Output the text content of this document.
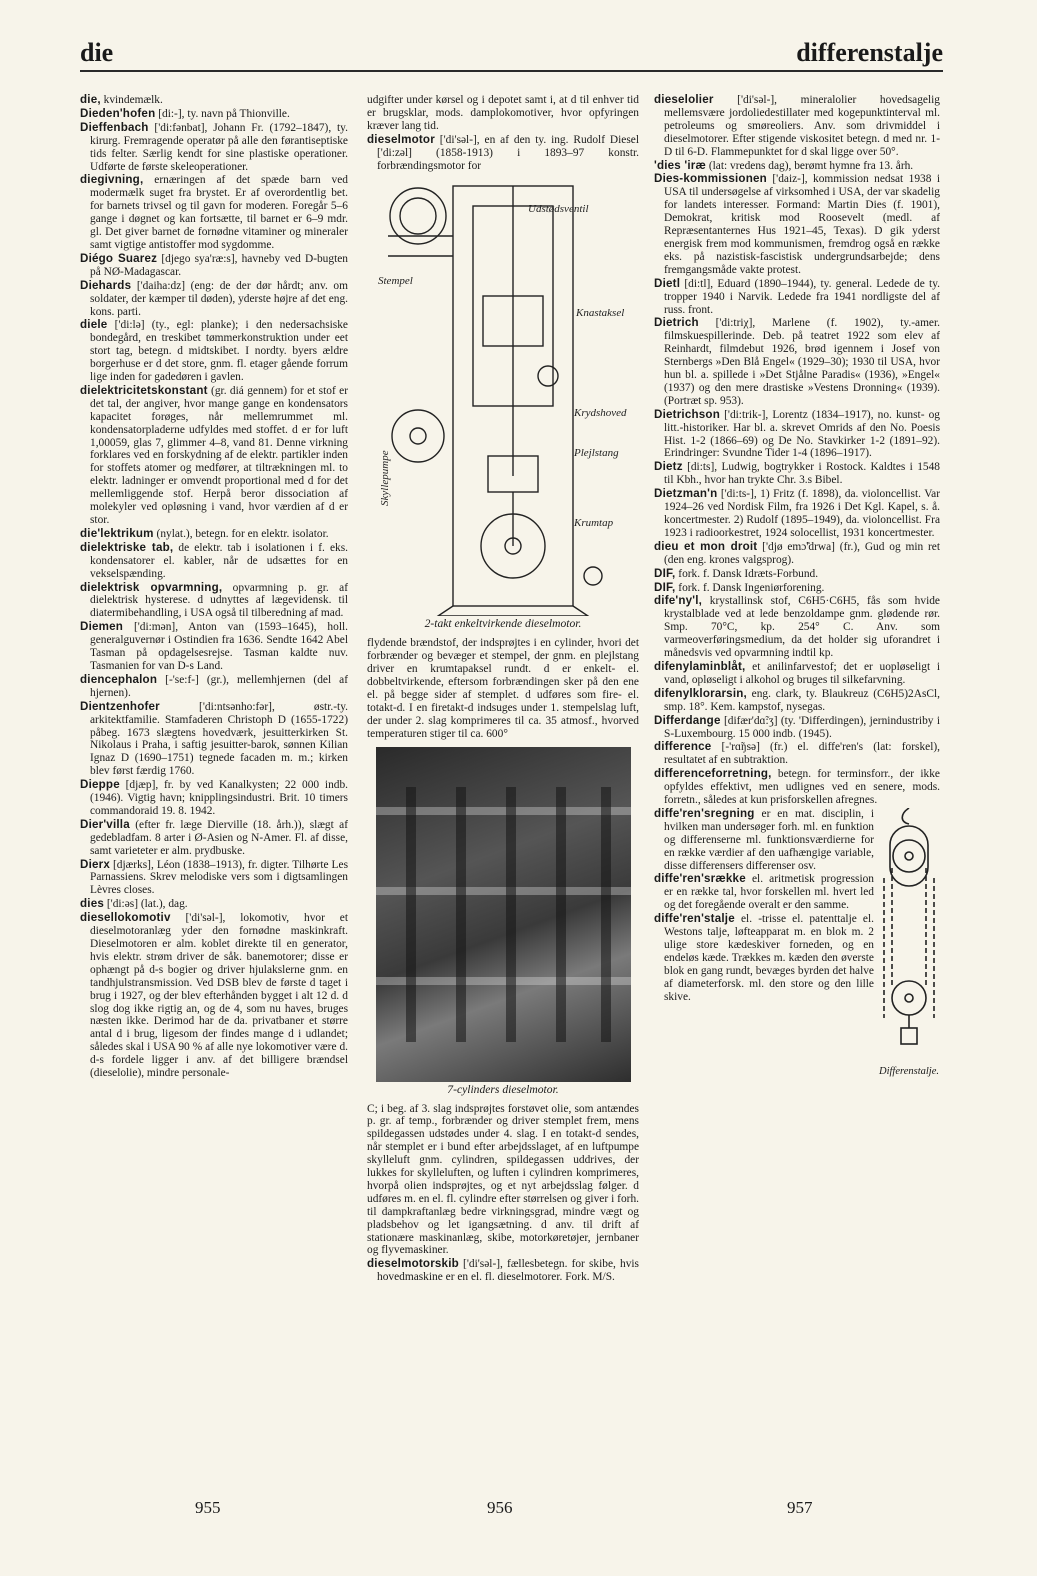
die	differenstalje
die, kvindemælk.
Dieden'hofen [di:-], ty. navn på Thionville.
Dieffenbach ['di:fənbat], Johann Fr. (1792–1847), ty. kirurg. Fremragende operatør på alle den førantiseptiske tids felter. Særlig kendt for sine plastiske operationer. Udførte de første skeleoperationer.
diegivning, ernæringen af det spæde barn ved modermælk suget fra brystet. Er af overordentlig bet. for barnets trivsel og til gavn for moderen. Foregår 5–6 gange i døgnet og kan fortsætte, til barnet er 6–9 mdr. gl. Det giver barnet de fornødne vitaminer og mineraler samt vigtige antistoffer mod sygdomme.
Diégo Suarez [djego sya'ræ:s], havneby ved D-bugten på NØ-Madagascar.
Diehards ['daiha:dz] (eng: de der dør hårdt; anv. om soldater, der kæmper til døden), yderste højre af det eng. kons. parti.
diele ['di:lə] (ty., egl: planke); i den nedersachsiske bondegård, en treskibet tømmerkonstruktion under eet stort tag, betegn. d midtskibet. I nordty. byers ældre borgerhuse er d det store, gnm. fl. etager gående forrum lige inden for gadedøren i gavlen.
dielektricitetskonstant (gr. diá gennem) for et stof er det tal, der angiver, hvor mange gange en kondensators kapacitet forøges, når mellemrummet ml. kondensatorpladerne udfyldes med stoffet. d er for luft 1,00059, glas 7, glimmer 4–8, vand 81. Denne virkning forklares ved en forskydning af de elektr. partikler inden for stoffets atomer og medfører, at tiltrækningen ml. to elektr. ladninger er omvendt proportional med d for det mellemliggende stof. Herpå beror dissociation af molekyler ved opløsning i vand, hvor værdien af d er stor.
die'lektrikum (nylat.), betegn. for en elektr. isolator.
dielektriske tab, de elektr. tab i isolationen i f. eks. kondensatorer el. kabler, når de udsættes for en vekselspænding.
dielektrisk opvarmning, opvarmning p. gr. af dielektrisk hysterese. d udnyttes af lægevidensk. til diatermibehandling, i USA også til tilberedning af mad.
Diemen ['di:mən], Anton van (1593–1645), holl. generalguvernør i Ostindien fra 1636. Sendte 1642 Abel Tasman på opdagelsesrejse. Tasman kaldte nuv. Tasmanien for van D-s Land.
diencephalon [-'se:f-] (gr.), mellemhjernen (del af hjernen).
Dientzenhofer ['di:ntsənho:fər], østr.-ty. arkitektfamilie. Stamfaderen Christoph D (1655-1722) påbeg. 1673 slægtens hovedværk, jesuitterkirken St. Nikolaus i Praha, i saftig jesuitter-barok, sønnen Kilian Ignaz D (1690–1751) tegnede facaden m. m.; kirken blev først færdig 1760.
Dieppe [djæp], fr. by ved Kanalkysten; 22 000 indb. (1946). Vigtig havn; knipplingsindustri. Brit. 10 timers commandoraid 19. 8. 1942.
Dier'villa (efter fr. læge Dierville (18. årh.)), slægt af gedebladfam. 8 arter i Ø-Asien og N-Amer. Fl. af disse, samt varieteter er alm. prydbuske.
Dierx [djærks], Léon (1838–1913), fr. digter. Tilhørte Les Parnassiens. Skrev melodiske vers som i digtsamlingen Lèvres closes.
dies ['di:əs] (lat.), dag.
diesellokomotiv ['di'səl-], lokomotiv, hvor et dieselmotoranlæg yder den fornødne maskinkraft. Dieselmotoren er alm. koblet direkte til en generator, hvis elektr. strøm driver de såk. banemotorer; disse er ophængt på d-s bogier og driver hjulakslerne gnm. en tandhjulstransmission. Ved DSB blev de første d taget i brug i 1927, og der blev efterhånden bygget i alt 12 d. d slog dog ikke rigtig an, og de 4, som nu haves, bruges næsten ikke. Derimod har de da. privatbaner et større antal d i brug, ligesom der findes mange d i udlandet; således skal i USA 90 % af alle nye lokomotiver være d. d-s fordele ligger i anv. af det billigere brændsel (dieselolie), mindre personale-
udgifter under kørsel og i depotet samt i, at d til enhver tid er brugsklar, mods. damplokomotiver, hvor opfyringen kræver lang tid.
dieselmotor ['di'səl-], en af den ty. ing. Rudolf Diesel ['di:zəl] (1858-1913) i 1893–97 konstr. forbrændingsmotor for
Udstødsventil
Stempel
Knastaksel
Krydshoved
Plejlstang
Krumtap
Skyllepumpe
2-takt enkeltvirkende dieselmotor.
flydende brændstof, der indsprøjtes i en cylinder, hvori det forbrænder og bevæger et stempel, der gnm. en plejlstang driver en krumtapaksel rundt. d er enkelt- el. dobbeltvirkende, eftersom forbrændingen sker på den ene el. på begge sider af stemplet. d udføres som fire- el. totakt-d. I en firetakt-d indsuges under 1. stempelslag luft, der under 2. slag komprimeres til ca. 35 atmosf., hvorved temperaturen stiger til ca. 600°
7-cylinders dieselmotor.
C; i beg. af 3. slag indsprøjtes forstøvet olie, som antændes p. gr. af temp., forbrænder og driver stemplet frem, mens spildegassen udstødes under 4. slag. I en totakt-d sendes, når stemplet er i bund efter arbejdsslaget, af en luftpumpe skylleluft gnm. cylindren, spildegassen uddrives, der lukkes for skylleluften, og luften i cylindren komprimeres, hvorpå olien indsprøjtes, og et nyt arbejdsslag følger. d udføres m. en el. fl. cylindre efter størrelsen og giver i forh. til dampkraftanlæg bedre virkningsgrad, mindre vægt og pladsbehov og let igangsætning. d anv. til drift af stationære maskinanlæg, skibe, motorkøretøjer, jernbaner og flyvemaskiner.
dieselmotorskib ['di'səl-], fællesbetegn. for skibe, hvis hovedmaskine er en el. fl. dieselmotorer. Fork. M/S.
dieselolier ['di'səl-], mineralolier hovedsagelig mellemsvære jordoliedestillater med kogepunktinterval ml. petroleums og smøreoliers. Anv. som drivmiddel i dieselmotorer. Efter stigende viskositet betegn. d med nr. 1-D til 6-D. Flammepunktet for d skal ligge over 50°.
'dies 'iræ (lat: vredens dag), berømt hymne fra 13. årh.
Dies-kommissionen ['daiz-], kommission nedsat 1938 i USA til undersøgelse af virksomhed i USA, der var skadelig for landets interesser. Formand: Martin Dies (f. 1901), Demokrat, kritisk mod Roosevelt (medl. af Repræsentanternes Hus 1921–45, Texas). D gik yderst energisk frem mod kommunismen, fremdrog også en række eks. på nazistisk-fascistisk undergrundsarbejde; dens fremgangsmåde vakte protest.
Dietl [di:tl], Eduard (1890–1944), ty. general. Ledede de ty. tropper 1940 i Narvik. Ledede fra 1941 nordligste del af russ. front.
Dietrich ['di:triχ], Marlene (f. 1902), ty.-amer. filmskuespillerinde. Deb. på teatret 1922 som elev af Reinhardt, filmdebut 1926, brød igennem i Josef von Sternbergs »Den Blå Engel« (1929–30); 1930 til USA, hvor hun bl. a. spillede i »Det Stjålne Paradis« (1936), »Engel« (1937) og den mere drastiske »Vestens Dronning« (1939). (Portræt sp. 953).
Dietrichson ['di:trik-], Lorentz (1834–1917), no. kunst- og litt.-historiker. Har bl. a. skrevet Omrids af den No. Poesis Hist. 1-2 (1866–69) og De No. Stavkirker 1-2 (1891–92). Erindringer: Svundne Tider 1-4 (1896–1917).
Dietz [di:ts], Ludwig, bogtrykker i Rostock. Kaldtes i 1548 til Kbh., hvor han trykte Chr. 3.s Bibel.
Dietzman'n ['di:ts-], 1) Fritz (f. 1898), da. violoncellist. Var 1924–26 ved Nordisk Film, fra 1926 i Det Kgl. Kapel, s. å. koncertmester. 2) Rudolf (1895–1949), da. violoncellist. Fra 1923 i radioorkestret, 1924 solocellist, 1931 koncertmester.
dieu et mon droit ['djø emɔ̃'drwa] (fr.), Gud og min ret (den eng. krones valgsprog).
DIF, fork. f. Dansk Idræts-Forbund.
DIF, fork. f. Dansk Ingeniørforening.
dife'ny'l, krystallinsk stof, C6H5·C6H5, fås som hvide krystalblade ved at lede benzoldampe gnm. glødende rør. Smp. 70°C, kp. 254° C. Anv. som varmeoverføringsmedium, da det holder sig uforandret i månedsvis ved opvarmning indtil kp.
difenylaminblåt, et anilinfarvestof; det er uopløseligt i vand, opløseligt i alkohol og bruges til silkefarvning.
difenylklorarsin, eng. clark, ty. Blaukreuz (C6H5)2AsCl, smp. 18°. Kem. kampstof, nysegas.
Differdange [difær'dɑ̃:ʒ] (ty. 'Differdingen), jernindustriby i S-Luxembourg. 15 000 indb. (1945).
difference [-'rɑ̃ŋsə] (fr.) el. diffe'ren's (lat: forskel), resultatet af en subtraktion.
differenceforretning, betegn. for terminsforr., der ikke opfyldes effektivt, men udlignes ved en senere, mods. forretn., således at kun prisforskellen afregnes.
Differenstalje.
diffe'ren'sregning er en mat. disciplin, i hvilken man undersøger forh. ml. en funktion og differenserne ml. funktionsværdierne for en række værdier af den uafhængige variable, disse differensers differenser osv.
diffe'ren'srække el. aritmetisk progression er en række tal, hvor forskellen ml. hvert led og det foregående overalt er den samme.
diffe'ren'stalje el. -trisse el. patenttalje el. Westons talje, løfteapparat m. en blok m. 2 ulige store kædeskiver forneden, og en endeløs kæde. Trækkes m. kæden den øverste blok en gang rundt, bevæges byrden det halve af diameterforsk. ml. den store og den lille skive.
955	956	957
